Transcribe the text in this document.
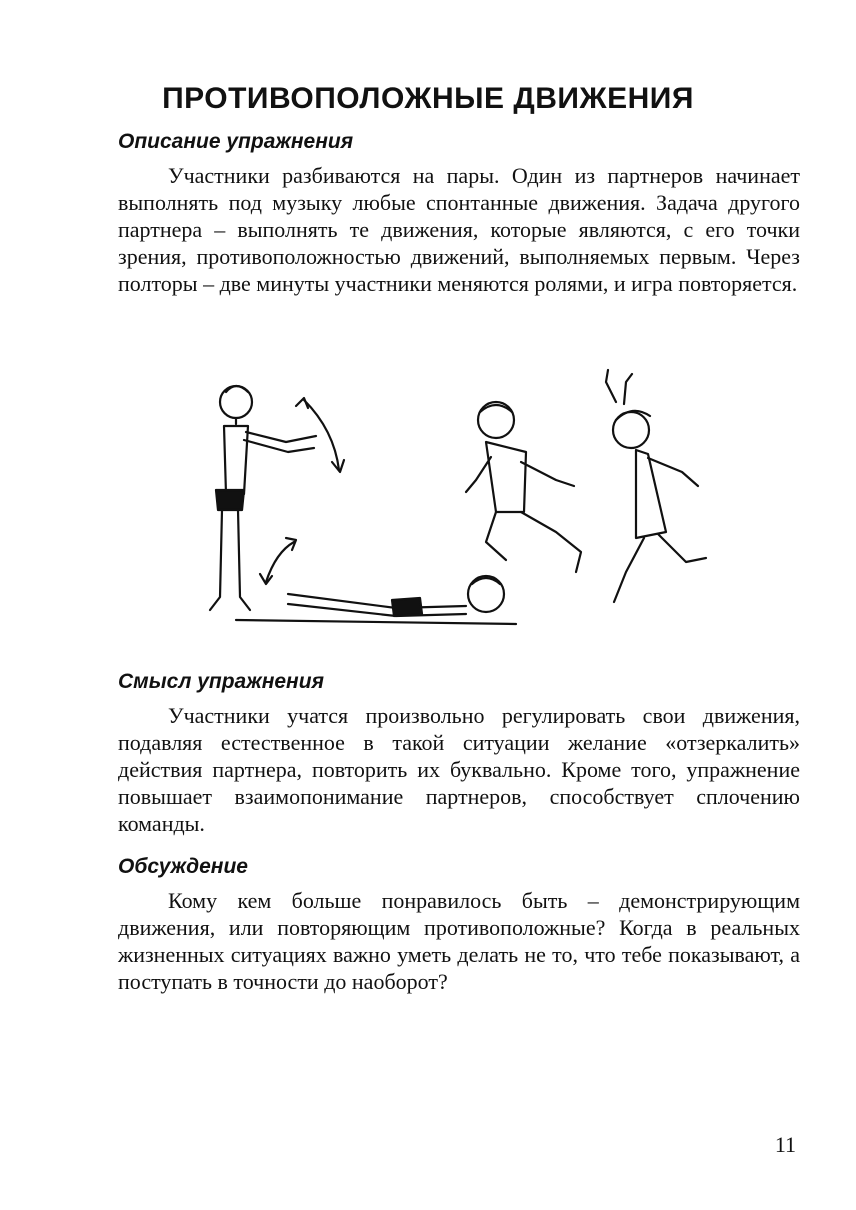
ПРОТИВОПОЛОЖНЫЕ ДВИЖЕНИЯ
Описание упражнения

Участники разбиваются на пары. Один из партнеров начинает выполнять под музыку любые спонтанные движения. Задача другого партнера – выполнять те движения, которые являются, с его точки зрения, противоположностью движений, выполняемых первым. Через полторы – две минуты участники меняются ролями, и игра повторяется.

Смысл упражнения

Участники учатся произвольно регулировать свои движения, подавляя естественное в такой ситуации желание «отзеркалить» действия партнера, повторить их буквально. Кроме того, упражнение повышает взаимопонимание партнеров, способствует сплочению команды.

Обсуждение

Кому кем больше понравилось быть – демонстрирующим движения, или повторяющим противоположные? Когда в реальных жизненных ситуациях важно уметь делать не то, что тебе показывают, а поступать в точности до наоборот?

11
